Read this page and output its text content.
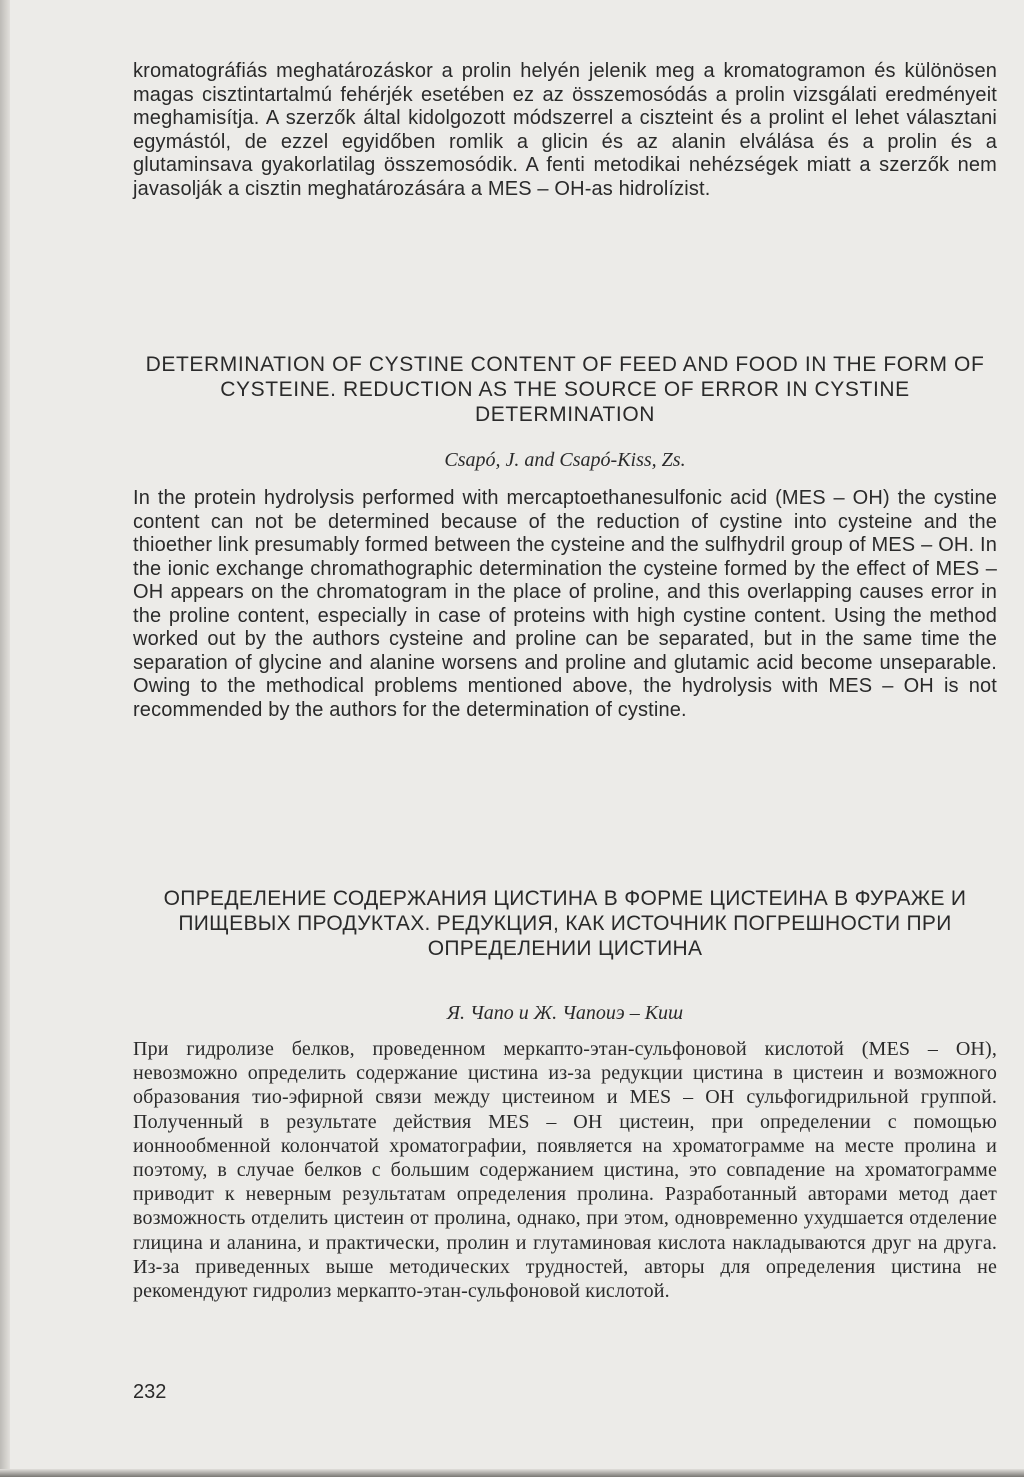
kromatográfiás meghatározáskor a prolin helyén jelenik meg a kromatogramon és különösen magas cisztintartalmú fehérjék esetében ez az összemosódás a prolin vizsgálati eredményeit meghamisítja. A szerzők által kidolgozott módszerrel a ciszteint és a prolint el lehet választani egymástól, de ezzel egyidőben romlik a glicin és az alanin elválása és a prolin és a glutaminsava gyakorlatilag összemosódik. A fenti metodikai nehézségek miatt a szerzők nem javasolják a cisztin meghatározására a MES – OH-as hidrolízist.

DETERMINATION OF CYSTINE CONTENT OF FEED AND FOOD IN THE FORM OF CYSTEINE. REDUCTION AS THE SOURCE OF ERROR IN CYSTINE DETERMINATION

Csapó, J. and Csapó-Kiss, Zs.

In the protein hydrolysis performed with mercaptoethanesulfonic acid (MES – OH) the cystine content can not be determined because of the reduction of cystine into cysteine and the thioether link presumably formed between the cysteine and the sulfhydril group of MES – OH. In the ionic exchange chromathographic determination the cysteine formed by the effect of MES – OH appears on the chromatogram in the place of proline, and this overlapping causes error in the proline content, especially in case of proteins with high cystine content. Using the method worked out by the authors cysteine and proline can be separated, but in the same time the separation of glycine and alanine worsens and proline and glutamic acid become unseparable. Owing to the methodical problems mentioned above, the hydrolysis with MES – OH is not recommended by the authors for the determination of cystine.

ОПРЕДЕЛЕНИЕ СОДЕРЖАНИЯ ЦИСТИНА В ФОРМЕ ЦИСТЕИНА В ФУРАЖЕ И ПИЩЕВЫХ ПРОДУКТАХ. РЕДУКЦИЯ, КАК ИСТОЧНИК ПОГРЕШНОСТИ ПРИ ОПРЕДЕЛЕНИИ ЦИСТИНА

Я. Чапо и Ж. Чапоиэ – Киш

При гидролизе белков, проведенном меркапто-этан-сульфоновой кислотой (MES – OH), невозможно определить содержание цистина из-за редукции цистина в цистеин и возможного образования тио-эфирной связи между цистеином и MES – OH сульфогидрильной группой. Полученный в результате действия MES – OH цистеин, при определении с помощью ионнообменной колончатой хроматографии, появляется на хроматограмме на месте пролина и поэтому, в случае белков с большим содержанием цистина, это совпадение на хроматограмме приводит к неверным результатам определения пролина. Разработанный авторами метод дает возможность отделить цистеин от пролина, однако, при этом, одновременно ухудшается отделение глицина и аланина, и практически, пролин и глутаминовая кислота накладываются друг на друга. Из-за приведенных выше методических трудностей, авторы для определения цистина не рекомендуют гидролиз меркапто-этан-сульфоновой кислотой.

232
